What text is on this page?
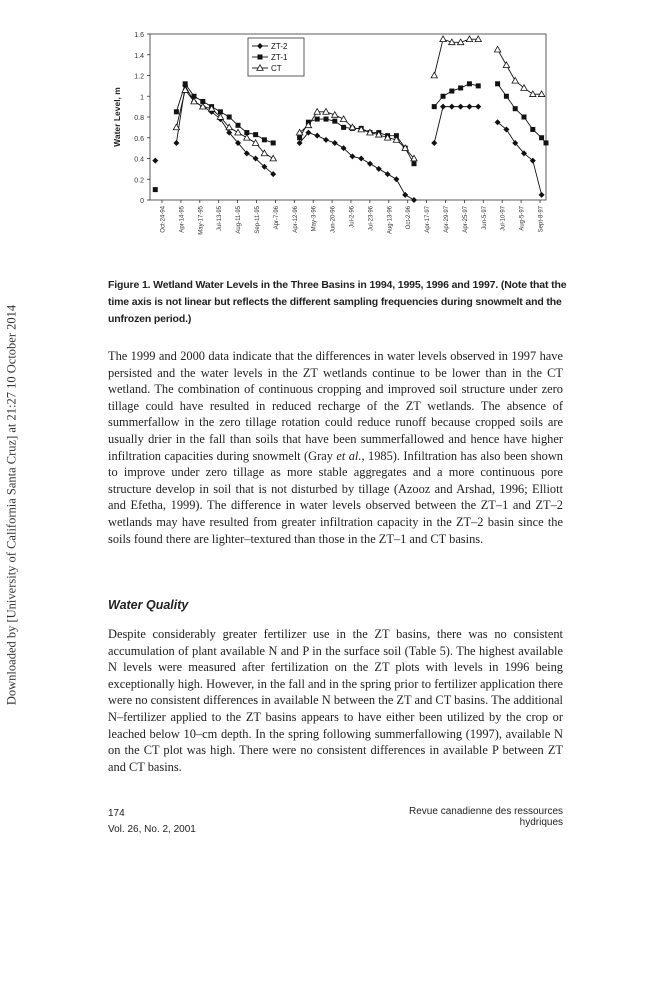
Downloaded by [University of California Santa Cruz] at 21:27 10 October 2014
0
0.2
0.4
0.6
0.8
1
1.2
1.4
1.6
Water Level, m
Oct-24-94 Apr-14-95 May-17-95 Jul-13-95 Aug-11-95 Sep-11-95 Apr-7-96 Apr-12-96 May-3-96 Jun-20-96 Jul-2-96 Jul-23-96 Aug-13-96 Oct-2-96 Apr-17-97 Apr-29-97 Apr-25-97 Jun-5-97 Jul-10-97 Aug-5-97 Sept-8-97
ZT-2
ZT-1
CT
Figure 1. Wetland Water Levels in the Three Basins in 1994, 1995, 1996 and 1997. (Note that the time axis is not linear but reflects the different sampling frequencies during snowmelt and the unfrozen period.)

The 1999 and 2000 data indicate that the differences in water levels observed in 1997 have persisted and the water levels in the ZT wetlands continue to be lower than in the CT wetland. The combination of continuous cropping and improved soil structure under zero tillage could have resulted in reduced recharge of the ZT wetlands. The absence of summerfallow in the zero tillage rotation could reduce runoff because cropped soils are usually drier in the fall than soils that have been summerfallowed and hence have higher infiltration capacities during snowmelt (Gray et al., 1985). Infiltration has also been shown to improve under zero tillage as more stable aggregates and a more continuous pore structure develop in soil that is not disturbed by tillage (Azooz and Arshad, 1996; Elliott and Efetha, 1999). The difference in water levels observed between the ZT–1 and ZT–2 wetlands may have resulted from greater infiltration capacity in the ZT–2 basin since the soils found there are lighter–textured than those in the ZT–1 and CT basins.

Water Quality

Despite considerably greater fertilizer use in the ZT basins, there was no consistent accumulation of plant available N and P in the surface soil (Table 5). The highest available N levels were measured after fertilization on the ZT plots with levels in 1996 being exceptionally high. However, in the fall and in the spring prior to fertilizer application there were no consistent differences in available N between the ZT and CT basins. The additional N–fertilizer applied to the ZT basins appears to have either been utilized by the crop or leached below 10–cm depth. In the spring following summerfallowing (1997), available N on the CT plot was high. There were no consistent differences in available P between ZT and CT basins.

174
Vol. 26, No. 2, 2001
Revue canadienne des ressources hydriques
